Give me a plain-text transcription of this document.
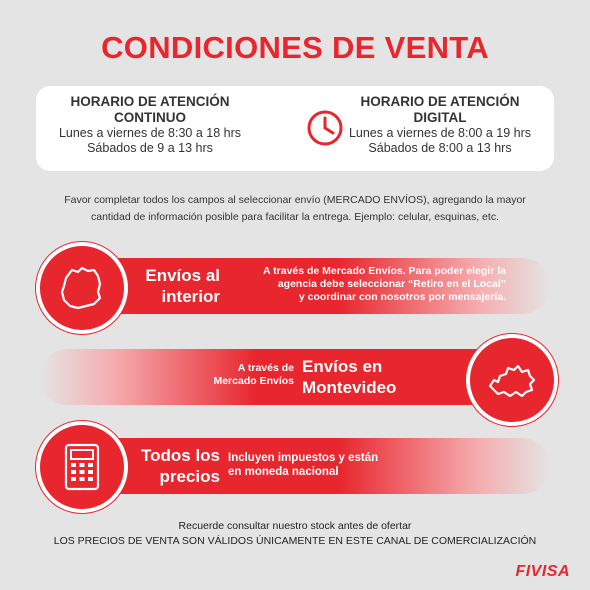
CONDICIONES DE VENTA
HORARIO DE ATENCIÓN
CONTINUO
Lunes a viernes de 8:30 a 18 hrs
Sábados de 9 a 13 hrs
HORARIO DE ATENCIÓN
DIGITAL
Lunes a viernes de 8:00 a 19 hrs
Sábados de 8:00 a 13 hrs
Favor completar todos los campos al seleccionar envío (MERCADO ENVÍOS), agregando la mayor
cantidad de información posible para facilitar la entrega. Ejemplo: celular, esquinas, etc.
Envíos al
interior
A través de Mercado Envíos. Para poder elegir la
agencia debe seleccionar “Retiro en el Local”
y coordinar con nosotros por mensajería.
A través de
Mercado Envíos
Envíos en
Montevideo
Todos los
precios
Incluyen impuestos y están
en moneda nacional
Recuerde consultar nuestro stock antes de ofertar
LOS PRECIOS DE VENTA SON VÁLIDOS ÚNICAMENTE EN ESTE CANAL DE COMERCIALIZACIÓN
FIVISA
